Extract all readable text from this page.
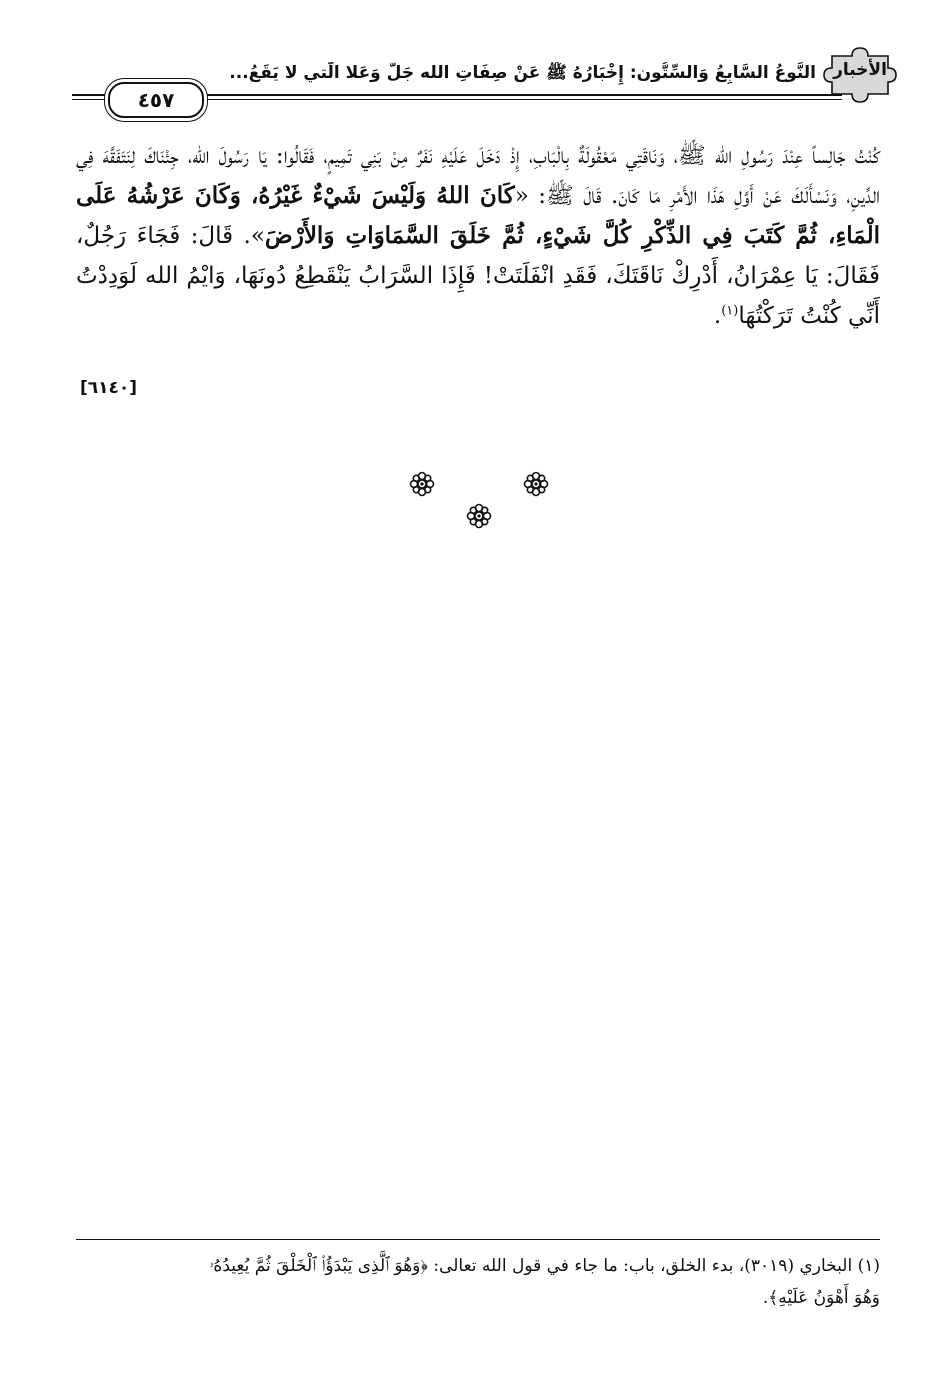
الأخبار
النَّوعُ السَّابِعُ وَالسِّتُّون: إِخْبَارُهُ ﷺ عَنْ صِفَاتِ الله جَلَّ وَعَلا الَّتي لا يَقَعُ...
٤٥٧

كُنْتُ جَالِساً عِنْدَ رَسُولِ الله ﷺ، وَنَاقَتِي مَعْقُولَةٌ بِالْبَابِ، إِذْ دَخَلَ عَلَيْهِ نَفَرٌ مِنْ بَنِي تَمِيمٍ، فَقَالُوا: يَا رَسُولَ الله، جِئْنَاكَ لِنَتَفَقَّهَ فِي الدِّينِ، وَنَسْأَلَكَ عَنْ أَوَّلِ هَذَا الأَمْرِ مَا كَانَ. قَالَ ﷺ: «كَانَ اللهُ وَلَيْسَ شَيْءٌ غَيْرُهُ، وَكَانَ عَرْشُهُ عَلَى الْمَاءِ، ثُمَّ كَتَبَ فِي الذِّكْرِ كُلَّ شَيْءٍ، ثُمَّ خَلَقَ السَّمَاوَاتِ وَالأَرْضَ». قَالَ: فَجَاءَ رَجُلٌ، فَقَالَ: يَا عِمْرَانُ، أَدْرِكْ نَاقَتَكَ، فَقَدِ انْفَلَتَتْ! فَإِذَا السَّرَابُ يَنْقَطِعُ دُونَهَا، وَايْمُ الله لَوَدِدْتُ أَنِّي كُنْتُ تَرَكْتُهَا$^{(١)}$.

[٦١٤٠]

(١) البخاري (٣٠١٩)، بدء الخلق، باب: ما جاء في قول الله تعالى: ﴿وَهُوَ ٱلَّذِى يَبْدَؤُا۟ ٱلْخَلْقَ ثُمَّ يُعِيدُهُۥ

وَهُوَ أَهْوَنُ عَلَيْهِ﴾.
